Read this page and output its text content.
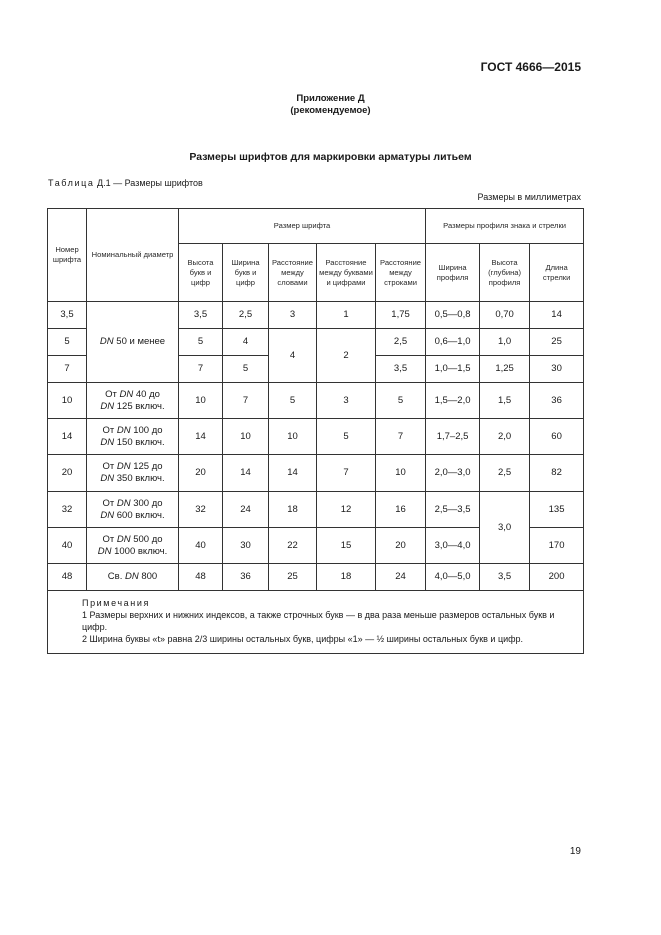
ГОСТ 4666—2015
Приложение Д
(рекомендуемое)
Размеры шрифтов для маркировки арматуры литьем
Таблица Д.1 — Размеры шрифтов
Размеры в миллиметрах
Номер шрифта	Номинальный диаметр	Размер шрифта					Размеры профиля знака и стрелки		
		Высота букв и цифр	Ширина букв и цифр	Расстояние между словами	Расстояние между буквами и цифрами	Расстояние между строками	Ширина профиля	Высота (глубина) профиля	Длина стрелки
3,5	DN 50 и менее	3,5	2,5	3	1	1,75	0,5—0,8	0,70	14
5		5	4	4	2	2,5	0,6—1,0	1,0	25
7		7	5			3,5	1,0—1,5	1,25	30
10	От DN 40 до
DN 125 включ.	10	7	5	3	5	1,5—2,0	1,5	36
14	От DN 100 до
DN 150 включ.	14	10	10	5	7	1,7–2,5	2,0	60
20	От DN 125 до
DN 350 включ.	20	14	14	7	10	2,0—3,0	2,5	82
32	От DN 300 до
DN 600 включ.	32	24	18	12	16	2,5—3,5	3,0	135
40	От DN 500 до
DN 1000 включ.	40	30	22	15	20	3,0—4,0		170
48	Св. DN 800	48	36	25	18	24	4,0—5,0	3,5	200

Примечания
1 Размеры верхних и нижних индексов, а также строчных букв — в два раза меньше размеров остальных букв и цифр.
2 Ширина буквы «t» равна 2/3 ширины остальных букв, цифры «1» — ½ ширины остальных букв и цифр.									
19
